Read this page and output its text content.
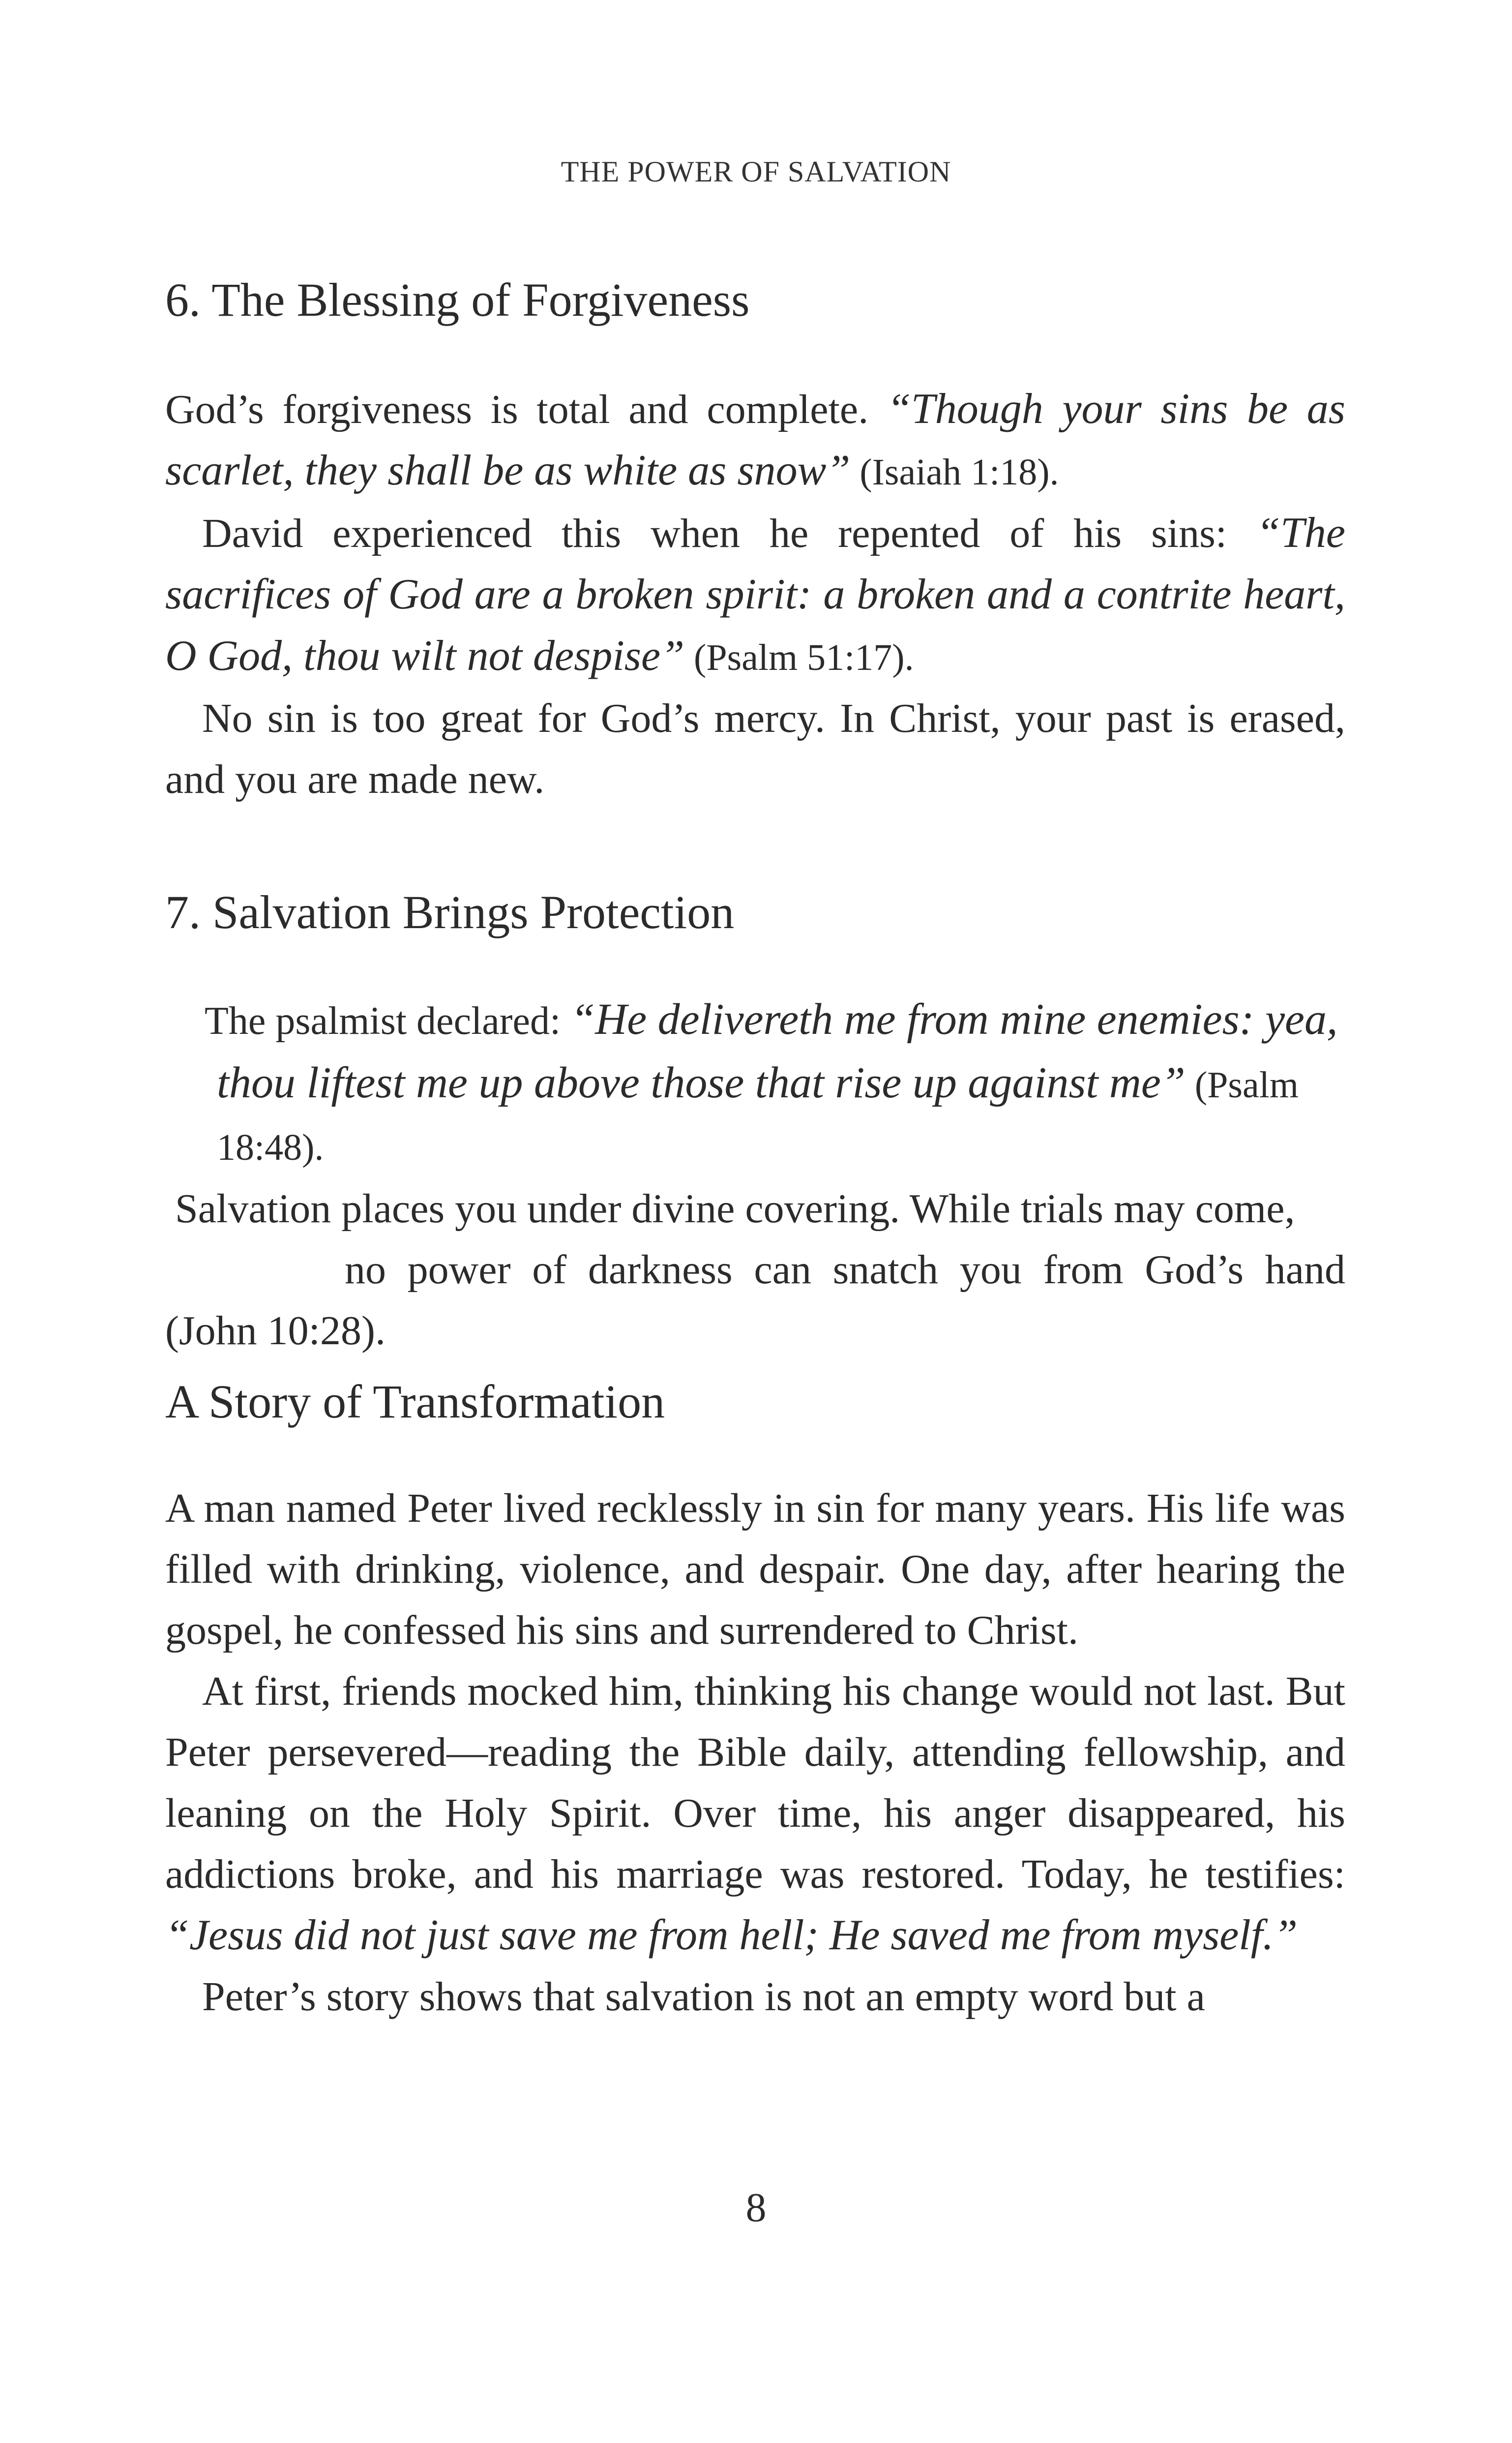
THE POWER OF SALVATION
6. The Blessing of Forgiveness

God’s forgiveness is total and complete. “Though your sins be as scarlet, they shall be as white as snow” (Isaiah 1:18).

David experienced this when he repented of his sins: “The sacrifices of God are a broken spirit: a broken and a contrite heart, O God, thou wilt not despise” (Psalm 51:17).

No sin is too great for God’s mercy. In Christ, your past is erased, and you are made new.

7. Salvation Brings Protection

The psalmist declared: “He delivereth me from mine enemies: yea,
thou liftest me up above those that rise up against me” (Psalm 18:48).

Salvation places you under divine covering. While trials may come,
no power of darkness can snatch you from God’s hand
(John 10:28).

A Story of Transformation

A man named Peter lived recklessly in sin for many years. His life was filled with drinking, violence, and despair. One day, after hearing the gospel, he confessed his sins and surrendered to Christ.

At first, friends mocked him, thinking his change would not last. But Peter persevered—reading the Bible daily, attending fellowship, and leaning on the Holy Spirit. Over time, his anger disappeared, his addictions broke, and his marriage was restored. Today, he testifies: “Jesus did not just save me from hell; He saved me from myself.”

Peter’s story shows that salvation is not an empty word but a

8
